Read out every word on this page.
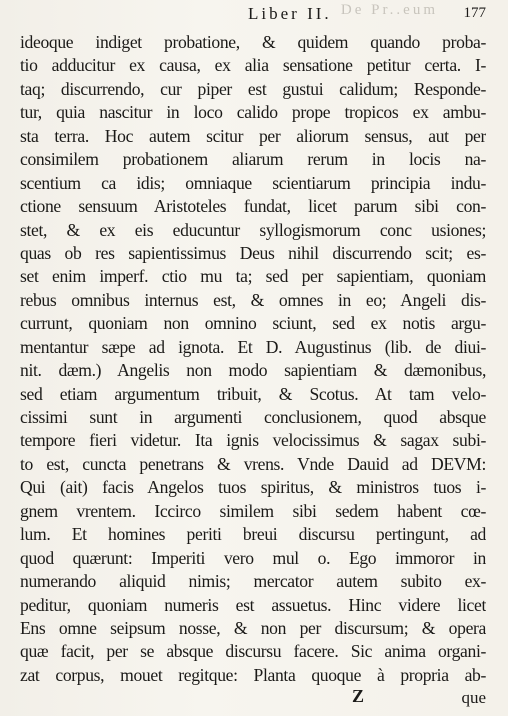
De Pr..eum
Liber II.	177
ideoque indiget probatione, & quidem quando proba-
tio adducitur ex causa, ex alia sensatione petitur certa. I-
taq; discurrendo, cur piper est gustui calidum; Responde-
tur, quia nascitur in loco calido prope tropicos ex ambu-
sta terra. Hoc autem scitur per aliorum sensus, aut per
consimilem probationem aliarum rerum in locis na-
scentium ca idis; omniaque scientiarum principia indu-
ctione sensuum Aristoteles fundat, licet parum sibi con-
stet, & ex eis educuntur syllogismorum conc usiones;
quas ob res sapientissimus Deus nihil discurrendo scit; es-
set enim imperf. ctio mu ta; sed per sapientiam, quoniam
rebus omnibus internus est, & omnes in eo; Angeli dis-
currunt, quoniam non omnino sciunt, sed ex notis argu-
mentantur sæpe ad ignota. Et D. Augustinus (lib. de diui-
nit. dæm.) Angelis non modo sapientiam & dæmonibus,
sed etiam argumentum tribuit, & Scotus. At tam velo-
cissimi sunt in argumenti conclusionem, quod absque
tempore fieri videtur. Ita ignis velocissimus & sagax subi-
to est, cuncta penetrans & vrens. Vnde Dauid ad DEVM:
Qui (ait) facis Angelos tuos spiritus, & ministros tuos i-
gnem vrentem. Iccirco similem sibi sedem habent cœ-
lum. Et homines periti breui discursu pertingunt, ad
quod quærunt: Imperiti vero mul o. Ego immoror in
numerando aliquid nimis; mercator autem subito ex-
peditur, quoniam numeris est assuetus. Hinc videre licet
Ens omne seipsum nosse, & non per discursum; & opera
quæ facit, per se absque discursu facere. Sic anima organi-
zat corpus, mouet regitque: Planta quoque à propria ab-
Z	que
